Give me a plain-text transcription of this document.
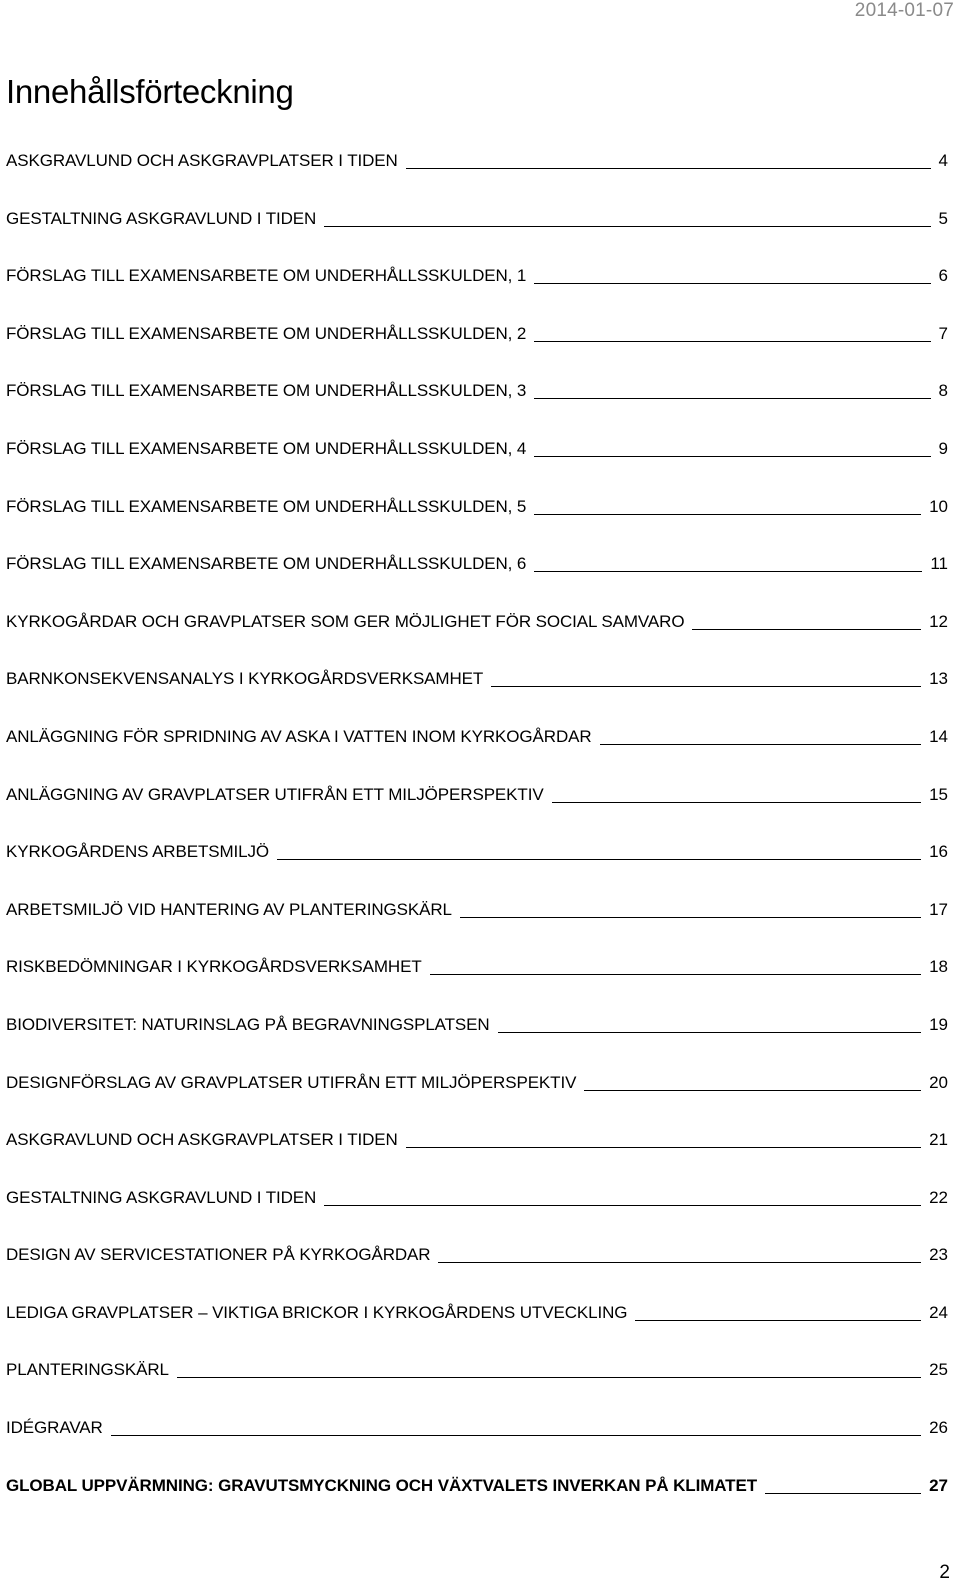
2014-01-07
Innehållsförteckning
ASKGRAVLUND OCH ASKGRAVPLATSER I TIDEN	4
GESTALTNING ASKGRAVLUND I TIDEN	5
FÖRSLAG TILL EXAMENSARBETE OM UNDERHÅLLSSKULDEN, 1	6
FÖRSLAG TILL EXAMENSARBETE OM UNDERHÅLLSSKULDEN, 2	7
FÖRSLAG TILL EXAMENSARBETE OM UNDERHÅLLSSKULDEN, 3	8
FÖRSLAG TILL EXAMENSARBETE OM UNDERHÅLLSSKULDEN, 4	9
FÖRSLAG TILL EXAMENSARBETE OM UNDERHÅLLSSKULDEN, 5	10
FÖRSLAG TILL EXAMENSARBETE OM UNDERHÅLLSSKULDEN, 6	11
KYRKOGÅRDAR OCH GRAVPLATSER SOM GER MÖJLIGHET FÖR SOCIAL SAMVARO	12
BARNKONSEKVENSANALYS I KYRKOGÅRDSVERKSAMHET	13
ANLÄGGNING FÖR SPRIDNING AV ASKA I VATTEN INOM KYRKOGÅRDAR	14
ANLÄGGNING AV GRAVPLATSER UTIFRÅN ETT MILJÖPERSPEKTIV	15
KYRKOGÅRDENS ARBETSMILJÖ	16
ARBETSMILJÖ VID HANTERING AV PLANTERINGSKÄRL	17
RISKBEDÖMNINGAR I KYRKOGÅRDSVERKSAMHET	18
BIODIVERSITET: NATURINSLAG PÅ BEGRAVNINGSPLATSEN	19
DESIGNFÖRSLAG AV GRAVPLATSER UTIFRÅN ETT MILJÖPERSPEKTIV	20
ASKGRAVLUND OCH ASKGRAVPLATSER I TIDEN	21
GESTALTNING ASKGRAVLUND I TIDEN	22
DESIGN AV SERVICESTATIONER PÅ KYRKOGÅRDAR	23
LEDIGA GRAVPLATSER – VIKTIGA BRICKOR I KYRKOGÅRDENS UTVECKLING	24
PLANTERINGSKÄRL	25
IDÉGRAVAR	26
GLOBAL UPPVÄRMNING: GRAVUTSMYCKNING OCH VÄXTVALETS INVERKAN PÅ KLIMATET	27
2
